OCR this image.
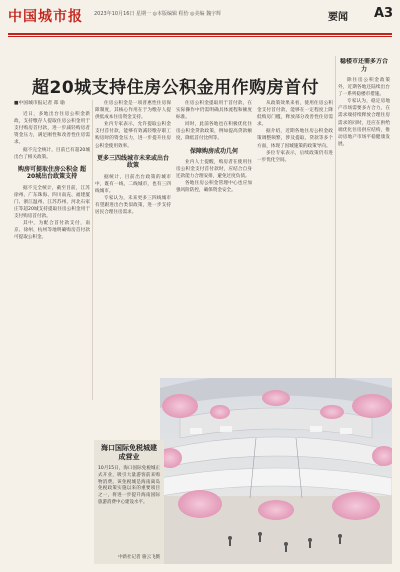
中国城市报 2023年10月16日 星期一 ◎本版编辑 程怡 ◎美编 魏宇辉	要闻 A3
超20城支持住房公积金用作购房首付
■中国城市报记者 郑 瑜

近日，多地出台住房公积金新政，支持缴存人提取住房公积金用于支付购房首付款，进一步减轻购房者资金压力，满足刚性和改善性住房需求。

据不完全统计，目前已有超20城出台了相关政策。

购房可提取住房公积金 超20城出台政策支持

据不完全统计，截至目前，江苏徐州、广东珠海、四川南充、福建厦门、浙江温州、江苏苏州、河北石家庄等超20城支持提取住房公积金用于支付购房首付款。

其中，为配合首付款支付，南京、徐州、杭州等地明确购房首付款可提取公积金。

住房公积金是一项普惠性住房保障制度，其核心作用在于为缴存人提供低成本住房资金支持。

业内专家表示，允许提取公积金支付首付款，能够有效减轻缴存职工购房时的资金压力，进一步提升住房公积金使用效率。

更多三四线城市未来或出台政策

据统计，目前出台政策的城市中，既有一线、二线城市，也有三四线城市。

专家认为，未来更多三四线城市有望跟进出台类似政策，进一步支持居民合理住房需求。

住房公积金提取用于首付款，在实际操作中仍需明确具体流程和额度标准。

同时，此前各地也在积极优化住房公积金贷款政策，例如提高贷款额度、降低首付比例等。

保障购房成功几何

业内人士提醒，购房者在使用住房公积金支付首付款时，应结合自身还款能力合理安排，避免过度负债。

各地住房公积金管理中心也应加强风险防控，确保资金安全。

从政策效果来看，使用住房公积金支付首付款，能够在一定程度上降低购房门槛，释放部分改善性住房需求。

据介绍，近期各地住房公积金政策调整频繁，涉及提取、贷款等多个方面，体现了因城施策的政策导向。

多位专家表示，后续政策仍有进一步优化空间。

稳楼市还需多方合力

除住房公积金政策外，近期各地还陆续出台了一系列稳楼市措施。

专家认为，稳定房地产市场需要多方合力，在需求端持续释放合理住房需求的同时，还应在供给端优化住房供应结构，推动房地产市场平稳健康发展。

海口国际免税城建成营业
10月15日，海口国际免税城正式开业，吸引大量游客前来购物消费。该免税城是海南离岛免税政策实施以来的重要项目之一，将进一步提升海南国际旅游消费中心建设水平。
中新社记者 骆云飞摄
